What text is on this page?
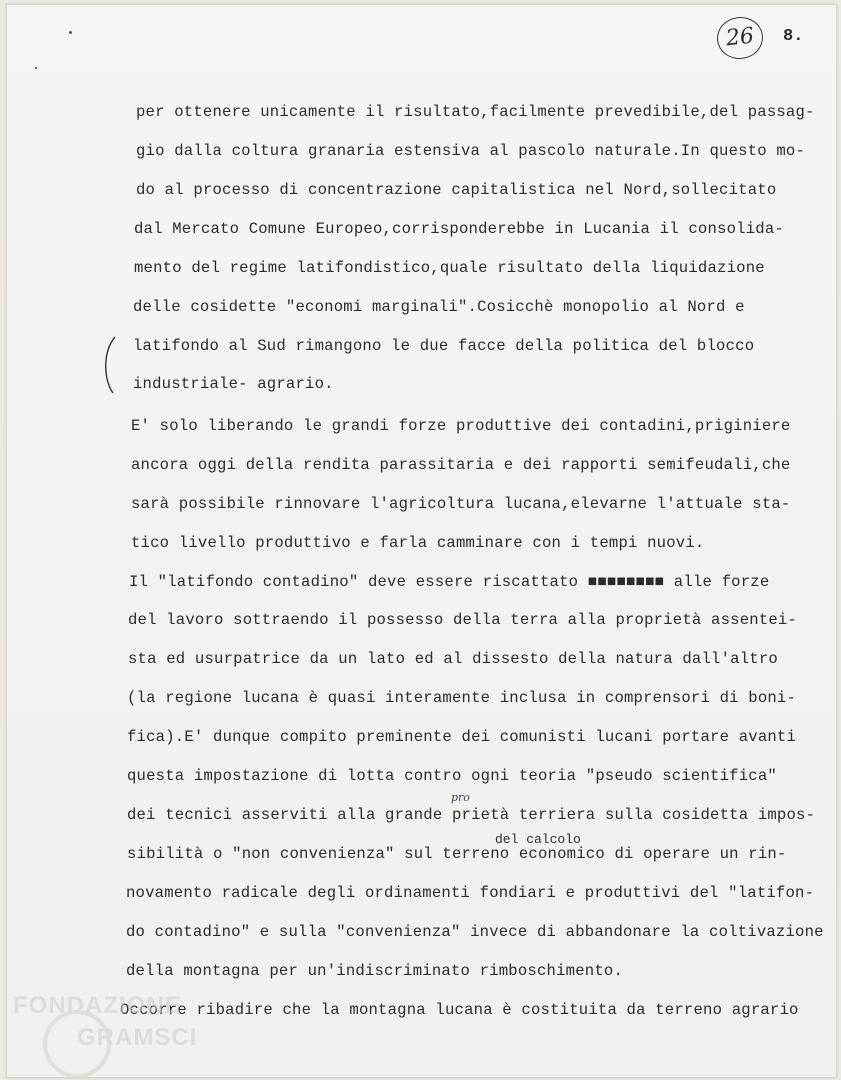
26	8.
per ottenere unicamente il risultato,facilmente prevedibile,del passag-
gio dalla coltura granaria estensiva al pascolo naturale.In questo mo-
do al processo di concentrazione capitalistica nel Nord,sollecitato
dal Mercato Comune Europeo,corrisponderebbe in Lucania il consolida-
mento del regime latifondistico,quale risultato della liquidazione
delle cosidette "economi marginali".Cosicchè monopolio al Nord e
latifondo al Sud rimangono le due facce della politica del blocco
industriale- agrario.
E' solo liberando le grandi forze produttive dei contadini,priginiere
ancora oggi della rendita parassitaria e dei rapporti semifeudali,che
sarà possibile rinnovare l'agricoltura lucana,elevarne l'attuale sta-
tico livello produttivo e farla camminare con i tempi nuovi.
Il "latifondo contadino" deve essere riscattato ■■■■■■■■ alle forze
del lavoro sottraendo il possesso della terra alla proprietà assentei-
sta ed usurpatrice da un lato ed al dissesto della natura dall'altro
(la regione lucana è quasi interamente inclusa in comprensori di boni-
fica).E' dunque compito preminente dei comunisti lucani portare avanti
questa impostazione di lotta contro ogni teoria "pseudo scientifica"
dei tecnici asserviti alla grande prietà terriera sulla cosidetta impos-
sibilità o "non convenienza" sul terreno economico di operare un rin-
novamento radicale degli ordinamenti fondiari e produttivi del "latifon-
do contadino" e sulla "convenienza" invece di abbandonare la coltivazione
della montagna per un'indiscriminato rimboschimento.
Occorre ribadire che la montagna lucana è costituita da terreno agrario
pro
del calcolo
FONDAZIONE
GRAMSCI
